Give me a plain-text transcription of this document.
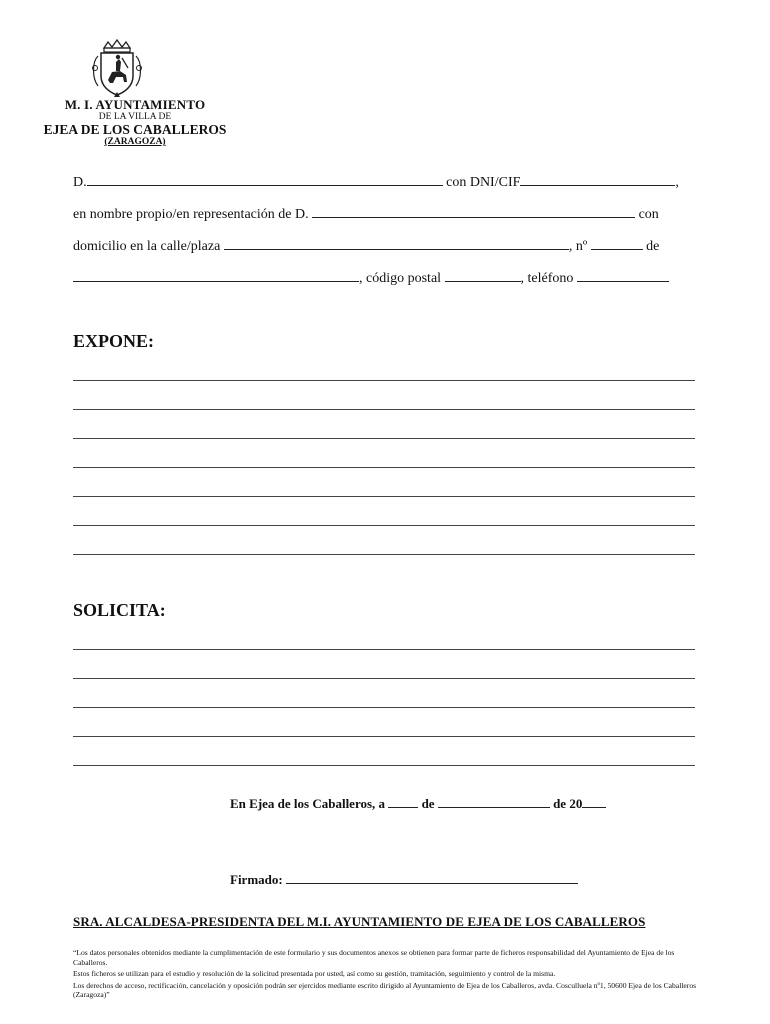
M. I. AYUNTAMIENTO
DE LA VILLA DE
EJEA DE LOS CABALLEROS
(ZARAGOZA)
D.	con DNI/CIF	,
en nombre propio/en representación de D.	con
domicilio en la calle/plaza	, nº	de
, código postal	, teléfono
EXPONE:
SOLICITA:
En Ejea de los Caballeros, a	de	de 20
Firmado:
SRA. ALCALDESA-PRESIDENTA DEL M.I. AYUNTAMIENTO DE EJEA DE LOS CABALLEROS

“Los datos personales obtenidos mediante la cumplimentación de este formulario y sus documentos anexos se obtienen para formar parte de ficheros responsabilidad del Ayuntamiento de Ejea de los Caballeros.

Estos ficheros se utilizan para el estudio y resolución de la solicitud presentada por usted, así como su gestión, tramitación, seguimiento y control de la misma.

Los derechos de acceso, rectificación, cancelación y oposición podrán ser ejercidos mediante escrito dirigido al Ayuntamiento de Ejea de los Caballeros, avda. Cosculluela nº1, 50600 Ejea de los Caballeros (Zaragoza)”
